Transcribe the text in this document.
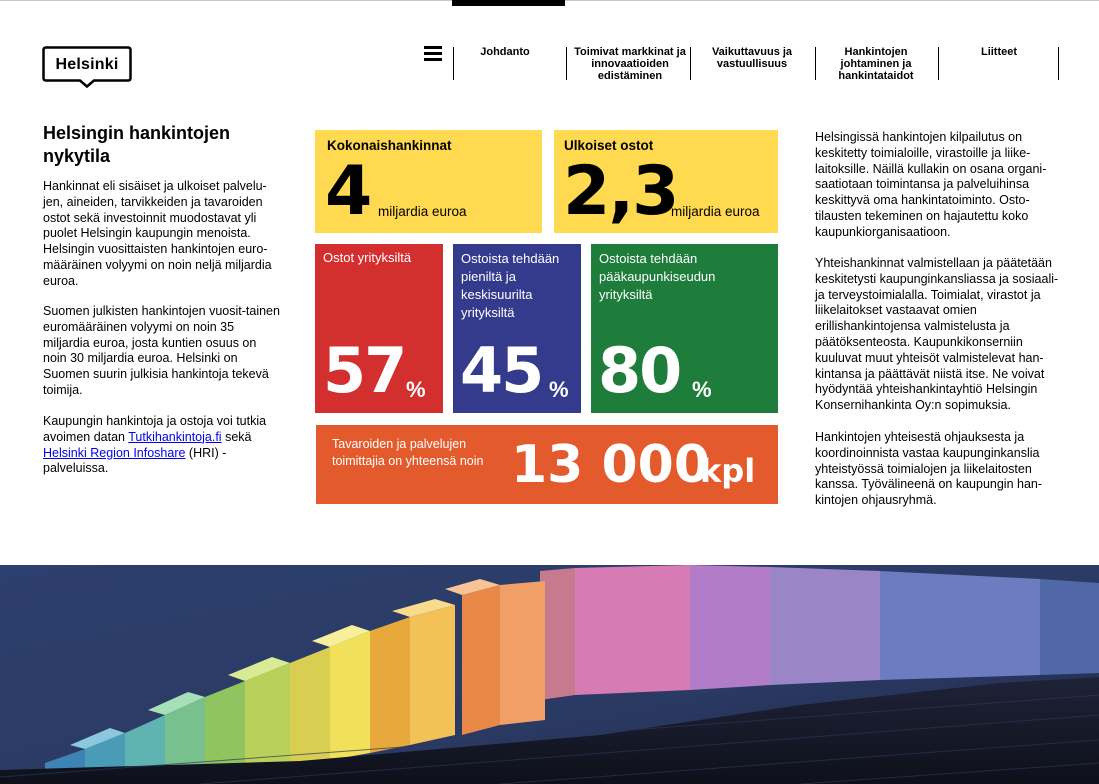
Helsinki
Johdanto	Toimivat markkinat ja innovaatioiden edistäminen
Vaikuttavuus ja vastuullisuus
Hankintojen johtaminen ja hankintataidot
Liitteet
Helsingin hankintojen nykytila
Hankinnat eli sisäiset ja ulkoiset palvelu-jen, aineiden, tarvikkeiden ja tavaroiden ostot sekä investoinnit muodostavat yli puolet Helsingin kaupungin menoista. Helsingin vuosittaisten hankintojen euro-määräinen volyymi on noin neljä miljardia euroa.
Suomen julkisten hankintojen vuosit-tainen euromääräinen volyymi on noin 35 miljardia euroa, josta kuntien osuus on noin 30 miljardia euroa. Helsinki on Suomen suurin julkisia hankintoja tekevä toimija.
Kaupungin hankintoja ja ostoja voi tutkia avoimen datan Tutkihankintoja.fi sekä Helsinki Region Infoshare (HRI) -palveluissa.
Kokonaishankinnat
4 miljardia euroa
Ulkoiset ostot
2,3
miljardia euroa
Ostot yrityksiltä
57 %
Ostoista tehdään pieniltä ja keskisuurilta yrityksiltä
45 %
Ostoista tehdään pääkaupunkiseudun yrityksiltä
80 %
Tavaroiden ja palvelujen toimittajia on yhteensä noin 13 000
kpl
Helsingissä hankintojen kilpailutus on keskitetty toimialoille, virastoille ja liike-laitoksille. Näillä kullakin on osana organi-saatiotaan toimintansa ja palveluihinsa keskittyvä oma hankintatoiminto. Osto-tilausten tekeminen on hajautettu koko kaupunkiorganisaatioon.
Yhteishankinnat valmistellaan ja päätetään keskitetysti kaupunginkansliassa ja sosiaali- ja terveystoimialalla. Toimialat, virastot ja liikelaitokset vastaavat omien erillishankintojensa valmistelusta ja päätöksenteosta. Kaupunkikonserniin kuuluvat muut yhteisöt valmistelevat han-kintansa ja päättävät niistä itse. Ne voivat hyödyntää yhteishankintayhtiö Helsingin Konsernihankinta Oy:n sopimuksia.
Hankintojen yhteisestä ohjauksesta ja koordinoinnista vastaa kaupunginkanslia yhteistyössä toimialojen ja liikelaitosten kanssa. Työvälineenä on kaupungin han-kintojen ohjausryhmä.
